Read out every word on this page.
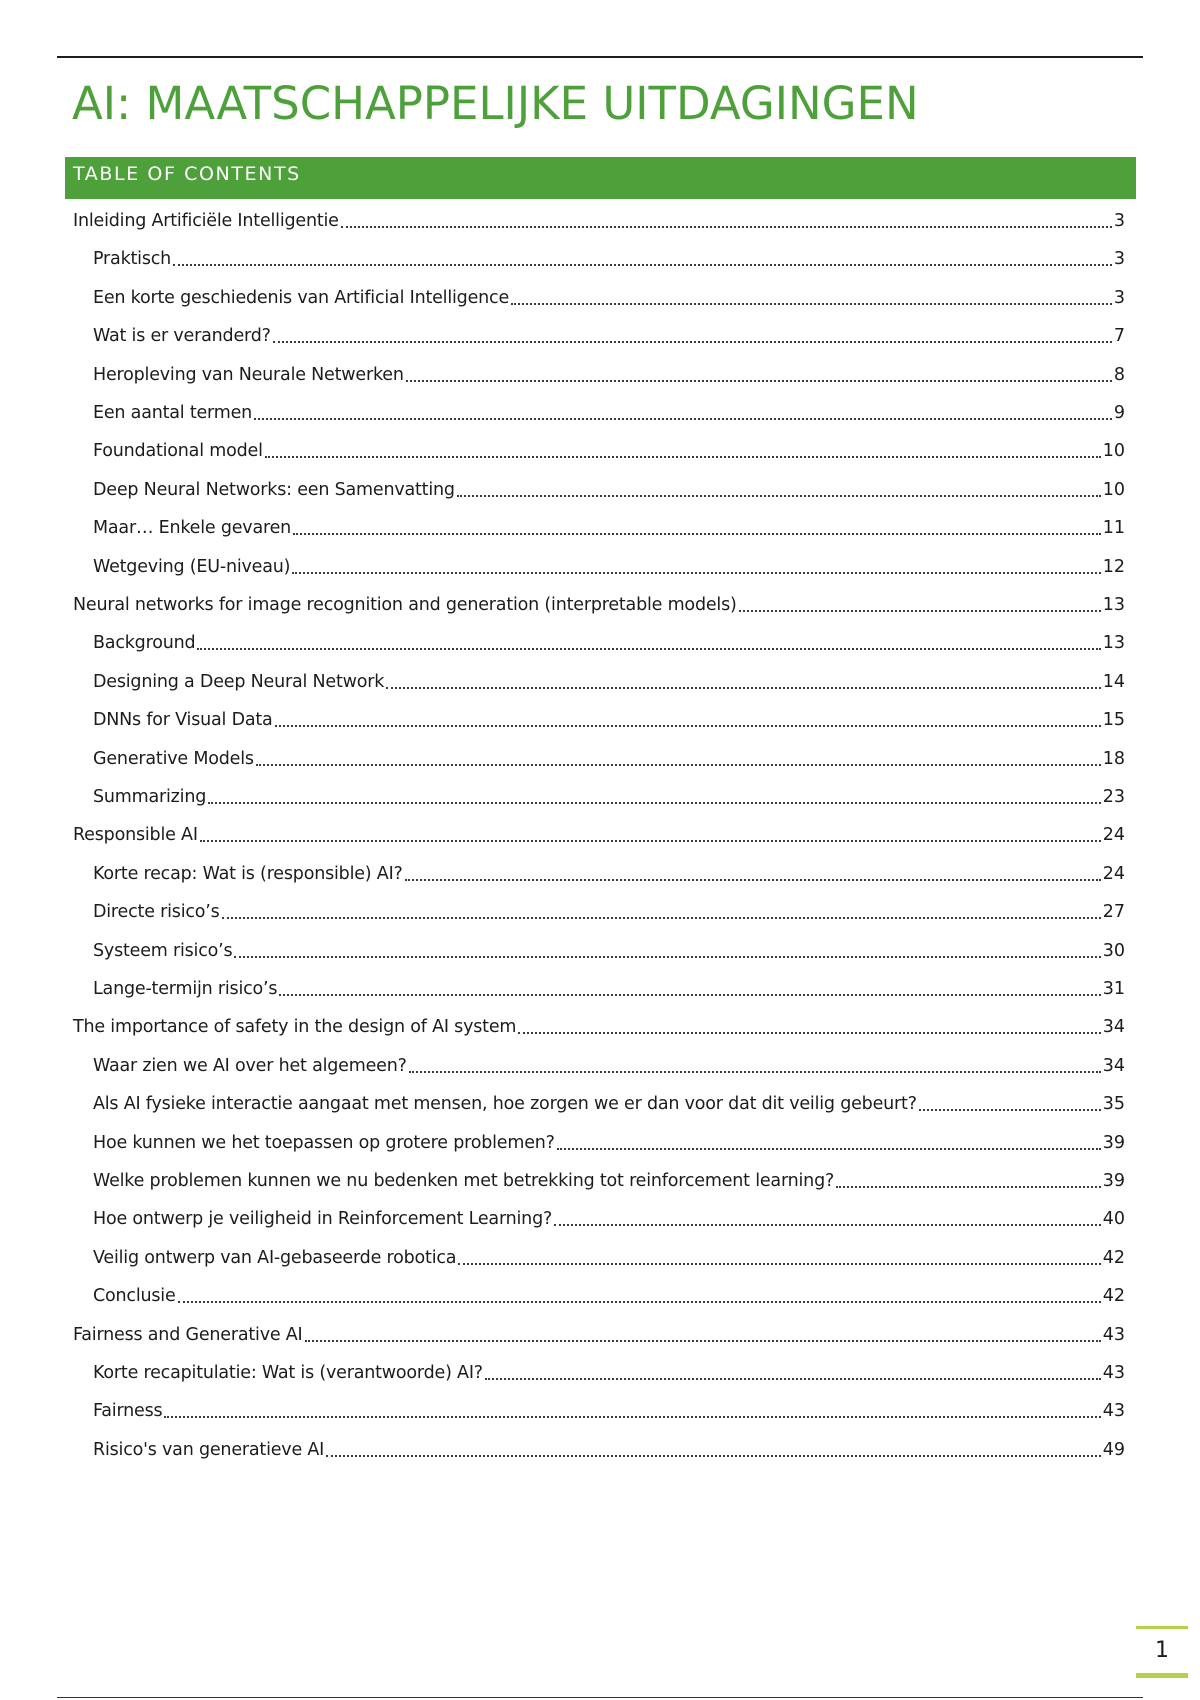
AI: MAATSCHAPPELIJKE UITDAGINGEN
TABLE OF CONTENTS
Inleiding Artificiële Intelligentie	3
Praktisch	3
Een korte geschiedenis van Artificial Intelligence	3
Wat is er veranderd?	7
Heropleving van Neurale Netwerken	8
Een aantal termen	9
Foundational model	10
Deep Neural Networks: een Samenvatting	10
Maar… Enkele gevaren	11
Wetgeving (EU-niveau)	12
Neural networks for image recognition and generation (interpretable models)	13
Background	13
Designing a Deep Neural Network	14
DNNs for Visual Data	15
Generative Models	18
Summarizing	23
Responsible AI	24
Korte recap: Wat is (responsible) AI?	24
Directe risico’s	27
Systeem risico’s	30
Lange-termijn risico’s	31
The importance of safety in the design of AI system	34
Waar zien we AI over het algemeen?	34
Als AI fysieke interactie aangaat met mensen, hoe zorgen we er dan voor dat dit veilig gebeurt?	35
Hoe kunnen we het toepassen op grotere problemen?	39
Welke problemen kunnen we nu bedenken met betrekking tot reinforcement learning?	39
Hoe ontwerp je veiligheid in Reinforcement Learning?	40
Veilig ontwerp van AI-gebaseerde robotica	42
Conclusie	42
Fairness and Generative AI	43
Korte recapitulatie: Wat is (verantwoorde) AI?	43
Fairness	43
Risico's van generatieve AI	49
1
